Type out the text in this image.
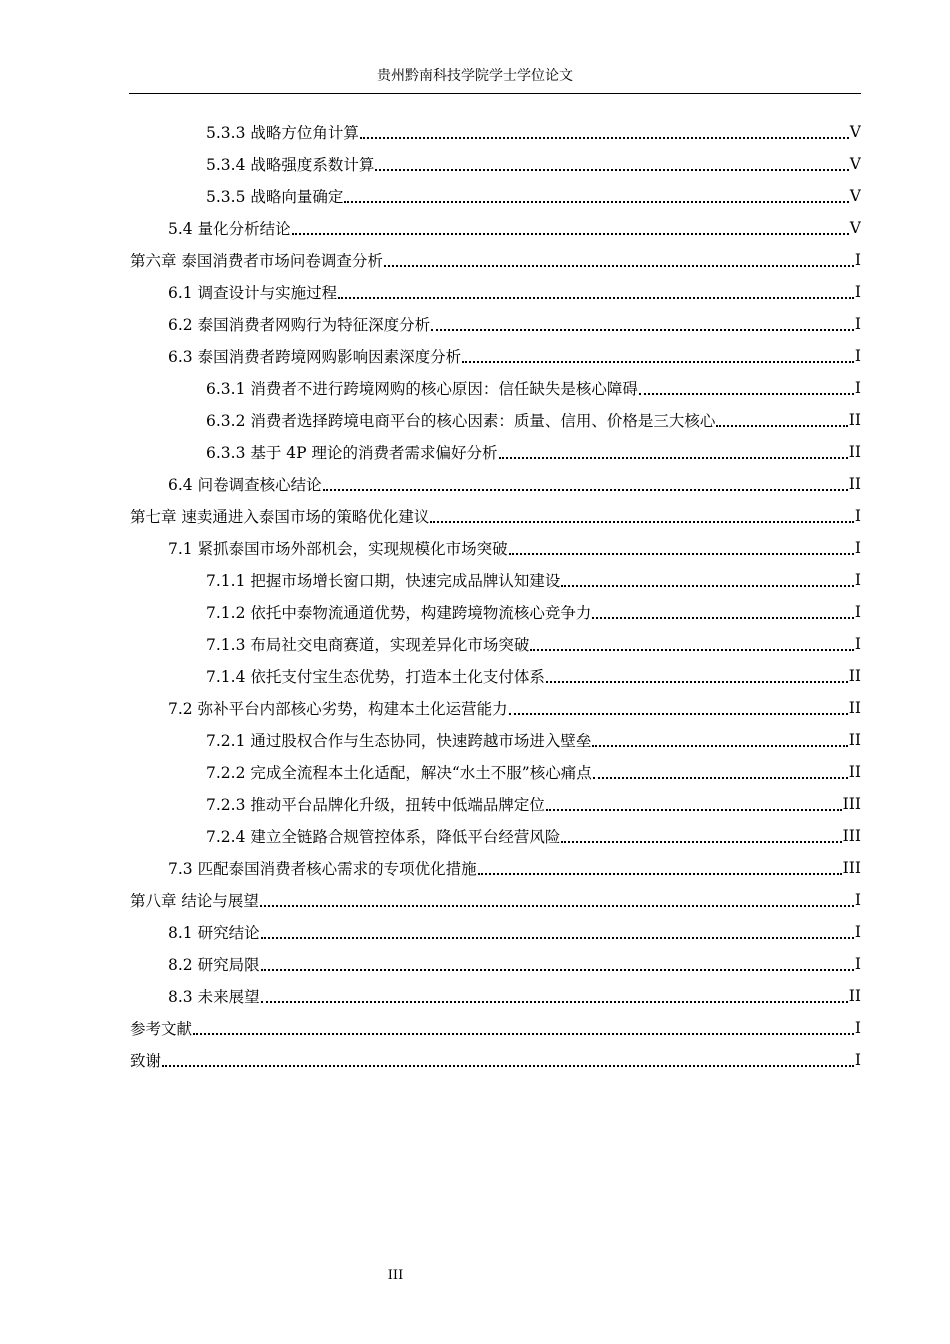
贵州黔南科技学院学士学位论文
5.3.3 战略方位角计算	V
5.3.4 战略强度系数计算	V
5.3.5 战略向量确定	V
5.4 量化分析结论	V
第六章 泰国消费者市场问卷调查分析	I
6.1 调查设计与实施过程	I
6.2 泰国消费者网购行为特征深度分析	I
6.3 泰国消费者跨境网购影响因素深度分析	I
6.3.1 消费者不进行跨境网购的核心原因：信任缺失是核心障碍	I
6.3.2 消费者选择跨境电商平台的核心因素：质量、信用、价格是三大核心	II
6.3.3 基于 4P 理论的消费者需求偏好分析	II
6.4 问卷调查核心结论	II
第七章 速卖通进入泰国市场的策略优化建议	I
7.1 紧抓泰国市场外部机会，实现规模化市场突破	I
7.1.1 把握市场增长窗口期，快速完成品牌认知建设	I
7.1.2 依托中泰物流通道优势，构建跨境物流核心竞争力	I
7.1.3 布局社交电商赛道，实现差异化市场突破	I
7.1.4 依托支付宝生态优势，打造本土化支付体系	II
7.2 弥补平台内部核心劣势，构建本土化运营能力	II
7.2.1 通过股权合作与生态协同，快速跨越市场进入壁垒	II
7.2.2 完成全流程本土化适配，解决“水土不服”核心痛点	II
7.2.3 推动平台品牌化升级，扭转中低端品牌定位	III
7.2.4 建立全链路合规管控体系，降低平台经营风险	III
7.3 匹配泰国消费者核心需求的专项优化措施	III
第八章 结论与展望	I
8.1 研究结论	I
8.2 研究局限	I
8.3 未来展望	II
参考文献	I
致谢	I
III
